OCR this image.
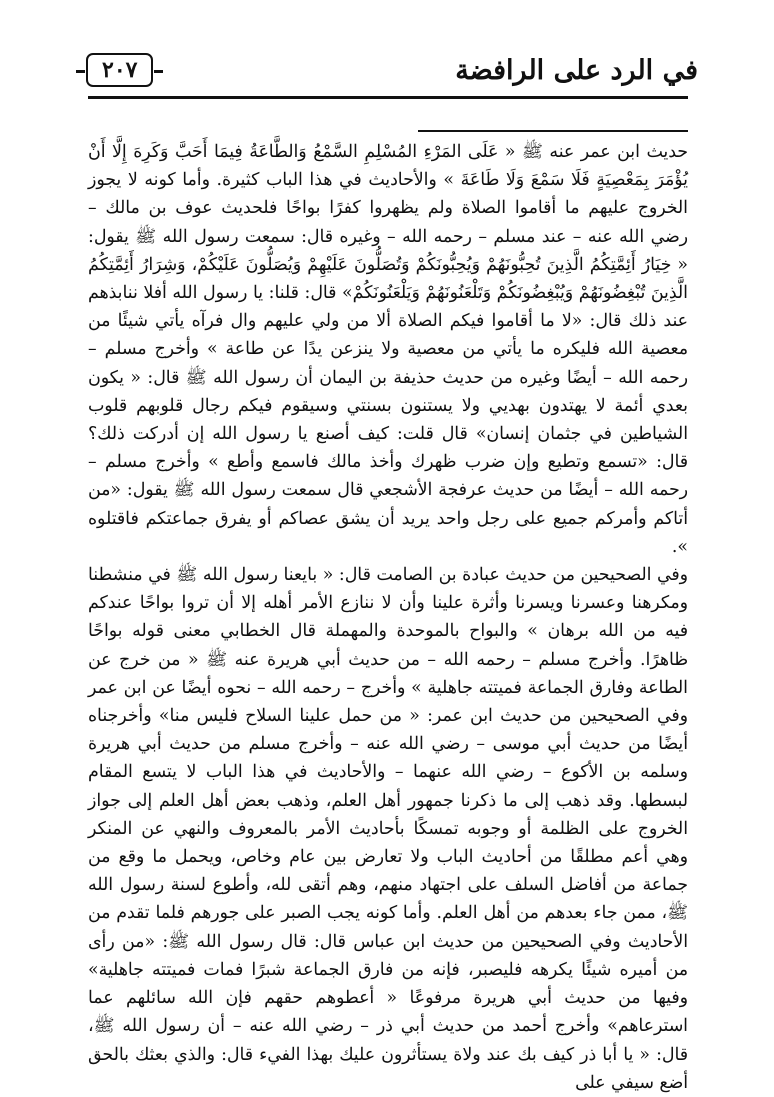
في الرد على الرافضة
٢٠٧

حديث ابن عمر عنه ﷺ « عَلَى المَرْءِ المُسْلِمِ السَّمْعُ وَالطَّاعَةُ فِيمَا أَحَبَّ وَكَرِهَ إِلَّا أَنْ يُؤْمَرَ بِمَعْصِيَةٍ فَلَا سَمْعَ وَلَا طَاعَةَ » والأحاديث في هذا الباب كثيرة. وأما كونه لا يجوز الخروج عليهم ما أقاموا الصلاة ولم يظهروا كفرًا بواحًا فلحديث عوف بن مالك – رضي الله عنه – عند مسلم – رحمه الله – وغيره قال: سمعت رسول الله ﷺ يقول: « خِيَارُ أَئِمَّتِكُمُ الَّذِينَ تُحِبُّونَهُمْ وَيُحِبُّونَكُمْ وَتُصَلُّونَ عَلَيْهِمْ وَيُصَلُّونَ عَلَيْكُمْ، وَشِرَارُ أَئِمَّتِكُمُ الَّذِينَ تُبْغِضُونَهُمْ وَيُبْغِضُونَكُمْ وَتَلْعَنُونَهُمْ وَيَلْعَنُونَكُمْ» قال: قلنا: يا رسول الله أفلا ننابذهم عند ذلك قال: «لا ما أقاموا فيكم الصلاة ألا من ولي عليهم وال فرآه يأتي شيئًا من معصية الله فليكره ما يأتي من معصية ولا ينزعن يدًا عن طاعة » وأخرج مسلم – رحمه الله – أيضًا وغيره من حديث حذيفة بن اليمان أن رسول الله ﷺ قال: « يكون بعدي أئمة لا يهتدون بهديي ولا يستنون بسنتي وسيقوم فيكم رجال قلوبهم قلوب الشياطين في جثمان إنسان» قال قلت: كيف أصنع يا رسول الله إن أدركت ذلك؟ قال: «تسمع وتطيع وإن ضرب ظهرك وأخذ مالك فاسمع وأطع » وأخرج مسلم – رحمه الله – أيضًا من حديث عرفجة الأشجعي قال سمعت رسول الله ﷺ يقول: «من أتاكم وأمركم جميع على رجل واحد يريد أن يشق عصاكم أو يفرق جماعتكم فاقتلوه ».

وفي الصحيحين من حديث عبادة بن الصامت قال: « بايعنا رسول الله ﷺ في منشطنا ومكرهنا وعسرنا ويسرنا وأثرة علينا وأن لا ننازع الأمر أهله إلا أن تروا بواحًا عندكم فيه من الله برهان » والبواح بالموحدة والمهملة قال الخطابي معنى قوله بواحًا ظاهرًا. وأخرج مسلم – رحمه الله – من حديث أبي هريرة عنه ﷺ « من خرج عن الطاعة وفارق الجماعة فميتته جاهلية » وأخرج – رحمه الله – نحوه أيضًا عن ابن عمر وفي الصحيحين من حديث ابن عمر: « من حمل علينا السلاح فليس منا» وأخرجناه أيضًا من حديث أبي موسى – رضي الله عنه – وأخرج مسلم من حديث أبي هريرة وسلمه بن الأكوع – رضي الله عنهما – والأحاديث في هذا الباب لا يتسع المقام لبسطها. وقد ذهب إلى ما ذكرنا جمهور أهل العلم، وذهب بعض أهل العلم إلى جواز الخروج على الظلمة أو وجوبه تمسكًا بأحاديث الأمر بالمعروف والنهي عن المنكر وهي أعم مطلقًا من أحاديث الباب ولا تعارض بين عام وخاص، ويحمل ما وقع من جماعة من أفاضل السلف على اجتهاد منهم، وهم أتقى لله، وأطوع لسنة رسول الله ﷺ، ممن جاء بعدهم من أهل العلم. وأما كونه يجب الصبر على جورهم فلما تقدم من الأحاديث وفي الصحيحين من حديث ابن عباس قال: قال رسول الله ﷺ: «من رأى من أميره شيئًا يكرهه فليصبر، فإنه من فارق الجماعة شبرًا فمات فميتته جاهلية» وفيها من حديث أبي هريرة مرفوعًا « أعطوهم حقهم فإن الله سائلهم عما استرعاهم» وأخرج أحمد من حديث أبي ذر – رضي الله عنه – أن رسول الله ﷺ، قال: « يا أبا ذر كيف بك عند ولاة يستأثرون عليك بهذا الفيء قال: والذي بعثك بالحق أضع سيفي على
